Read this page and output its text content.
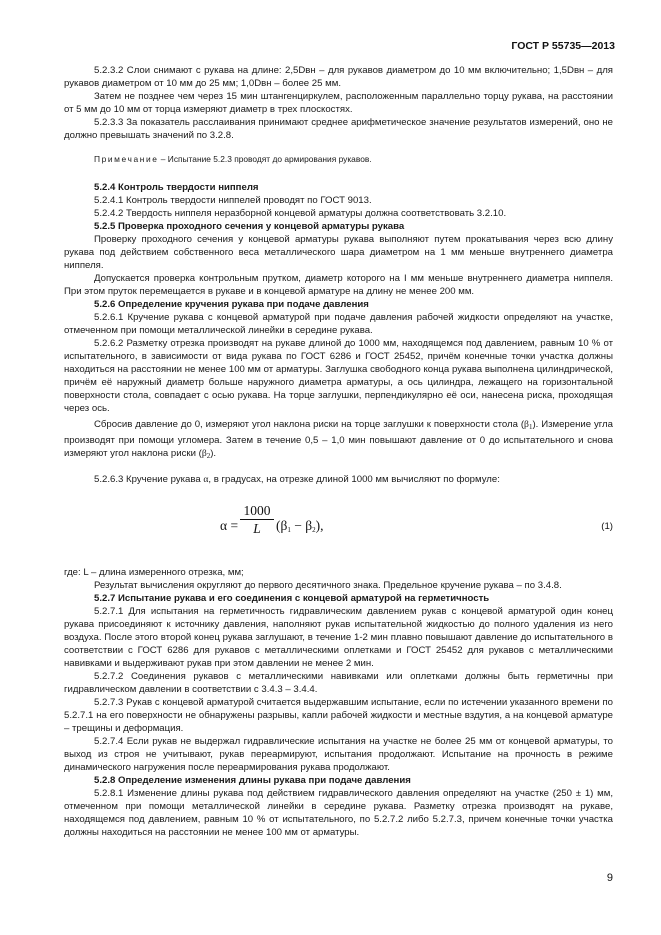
ГОСТ Р 55735—2013

5.2.3.2 Слои снимают с рукава на длине: 2,5Dвн – для рукавов диаметром до 10 мм включительно; 1,5Dвн – для рукавов диаметром от 10 мм до 25 мм; 1,0Dвн – более 25 мм.

Затем не позднее чем через 15 мин штангенциркулем, расположенным параллельно торцу рукава, на расстоянии от 5 мм до 10 мм от торца измеряют диаметр в трех плоскостях.

5.2.3.3 За показатель расслаивания принимают среднее арифметическое значение результатов измерений, оно не должно превышать значений по 3.2.8.

Примечание – Испытание 5.2.3 проводят до армирования рукавов.

5.2.4 Контроль твердости ниппеля

5.2.4.1 Контроль твердости ниппелей проводят по ГОСТ 9013.

5.2.4.2 Твердость ниппеля неразборной концевой арматуры должна соответствовать 3.2.10.

5.2.5 Проверка проходного сечения у концевой арматуры рукава

Проверку проходного сечения у концевой арматуры рукава выполняют путем прокатывания через всю длину рукава под действием собственного веса металлического шара диаметром на 1 мм меньше внутреннего диаметра ниппеля.

Допускается проверка контрольным прутком, диаметр которого на I мм меньше внутреннего диаметра ниппеля. При этом пруток перемещается в рукаве и в концевой арматуре на длину не менее 200 мм.

5.2.6 Определение кручения рукава при подаче давления

5.2.6.1 Кручение рукава с концевой арматурой при подаче давления рабочей жидкости определяют на участке, отмеченном при помощи металлической линейки в середине рукава.

5.2.6.2 Разметку отрезка производят на рукаве длиной до 1000 мм, находящемся под давлением, равным 10 % от испытательного, в зависимости от вида рукава по ГОСТ 6286 и ГОСТ 25452, причём конечные точки участка должны находиться на расстоянии не менее 100 мм от арматуры. Заглушка свободного конца рукава выполнена цилиндрической, причём её наружный диаметр больше наружного диаметра арматуры, а ось цилиндра, лежащего на горизонтальной поверхности стола, совпадает с осью рукава. На торце заглушки, перпендикулярно её оси, нанесена риска, проходящая через ось.

Сбросив давление до 0, измеряют угол наклона риски на торце заглушки к поверхности стола $(\beta_1)$. Измерение угла производят при помощи угломера. Затем в течение 0,5 – 1,0 мин повышают давление от 0 до испытательного и снова измеряют угол наклона риски $(\beta_2)$.

5.2.6.3 Кручение рукава α, в градусах, на отрезке длиной 1000 мм вычисляют по формуле:

$\alpha = \frac{1000}{L} (\beta_1 - \beta_2)$,	(1)

где: L – длина измеренного отрезка, мм;

Результат вычисления округляют до первого десятичного знака. Предельное кручение рукава – по 3.4.8.

5.2.7 Испытание рукава и его соединения с концевой арматурой на герметичность

5.2.7.1 Для испытания на герметичность гидравлическим давлением рукав с концевой арматурой один конец рукава присоединяют к источнику давления, наполняют рукав испытательной жидкостью до полного удаления из него воздуха. После этого второй конец рукава заглушают, в течение 1-2 мин плавно повышают давление до испытательного в соответствии с ГОСТ 6286 для рукавов с металлическими оплетками и ГОСТ 25452 для рукавов с металлическими навивками и выдерживают рукав при этом давлении не менее 2 мин.

5.2.7.2 Соединения рукавов с металлическими навивками или оплетками должны быть герметичны при гидравлическом давлении в соответствии с 3.4.3 – 3.4.4.

5.2.7.3 Рукав с концевой арматурой считается выдержавшим испытание, если по истечении указанного времени по 5.2.7.1 на его поверхности не обнаружены разрывы, капли рабочей жидкости и местные вздутия, а на концевой арматуре – трещины и деформация.

5.2.7.4 Если рукав не выдержал гидравлические испытания на участке не более 25 мм от концевой арматуры, то выход из строя не учитывают, рукав переармируют, испытания продолжают. Испытание на прочность в режиме динамического нагружения после переармирования рукава продолжают.

5.2.8 Определение изменения длины рукава при подаче давления

5.2.8.1 Изменение длины рукава под действием гидравлического давления определяют на участке (250 ± 1) мм, отмеченном при помощи металлической линейки в середине рукава. Разметку отрезка производят на рукаве, находящемся под давлением, равным 10 % от испытательного, по 5.2.7.2 либо 5.2.7.3, причем конечные точки участка должны находиться на расстоянии не менее 100 мм от арматуры.

9
